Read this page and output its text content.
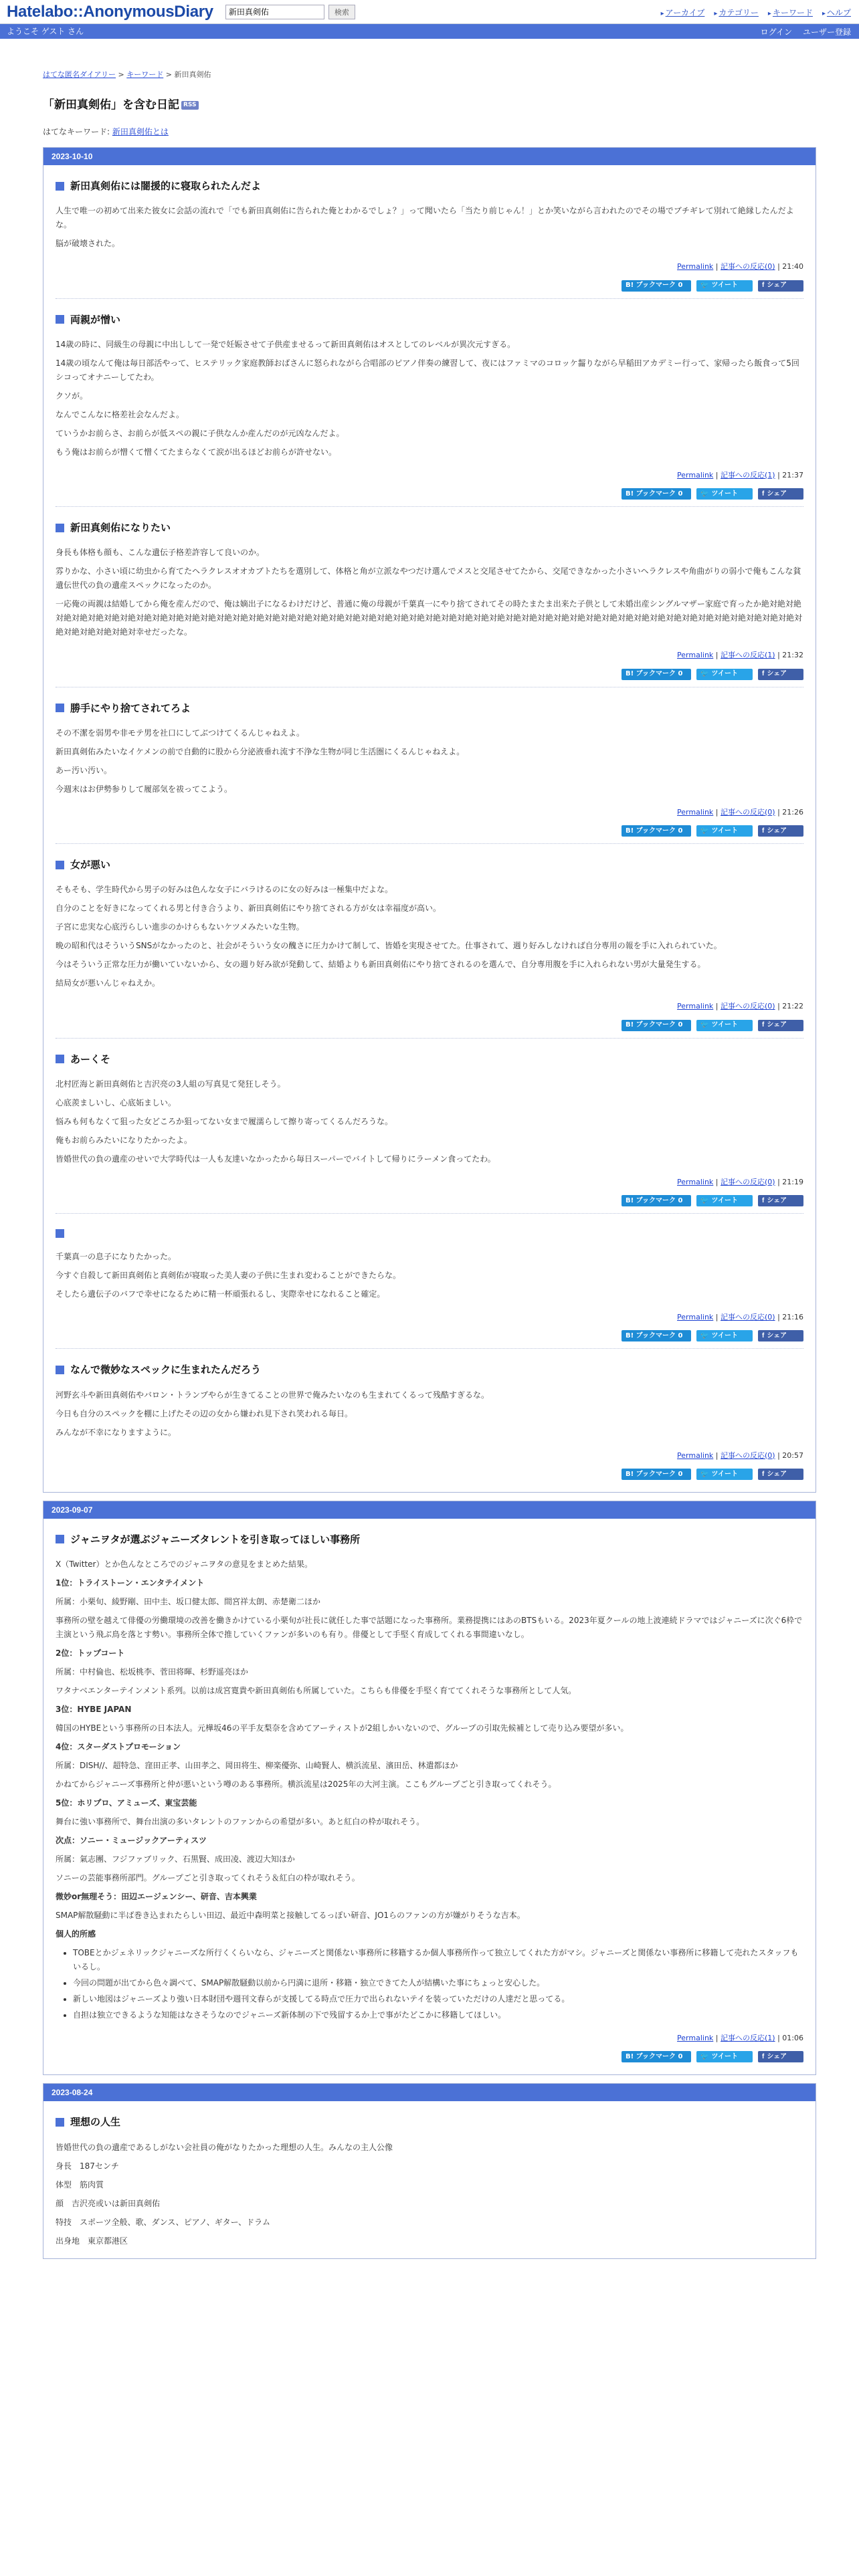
Hatelabo::AnonymousDiary
新田真剣佑	検索	▸ アーカイブ ▸ カテゴリー ▸ キーワード ▸ ヘルプ
ようこそ ゲスト さん	ログイン ユーザー登録
はてな匿名ダイアリー > キーワード > 新田真剣佑
「新田真剣佑」を含む日記 RSS
はてなキーワード: 新田真剣佑とは
2023-10-10
新田真剣佑には闇援的に寝取られたんだよ

人生で唯一の初めて出来た彼女に会話の流れで「でも新田真剣佑に告られた俺とわかるでしょ？」って聞いたら「当たり前じゃん！」とか笑いながら言われたのでその場でブチギレて別れて絶縁したんだよな。

脳が破壊された。

Permalink | 記事への反応(0) | 21:40
B! ブックマーク 0	🐦 ツイート	f シェア
両親が憎い

14歳の時に、同級生の母親に中出しして一発で妊娠させて子供産ませるって新田真剣佑はオスとしてのレベルが異次元すぎる。

14歳の頃なんて俺は毎日部活やって、ヒステリック家庭教師おばさんに怒られながら合唱部のピアノ伴奏の練習して、夜にはファミマのコロッケ齧りながら早稲田アカデミー行って、家帰ったら飯食って5回シコってオナニーしてたわ。

クソが。

なんでこんなに格差社会なんだよ。

ていうかお前らさ、お前らが低スペの親に子供なんか産んだのが元凶なんだよ。

もう俺はお前らが憎くて憎くてたまらなくて涙が出るほどお前らが許せない。

Permalink | 記事への反応(1) | 21:37
B! ブックマーク 0	🐦 ツイート	f シェア
新田真剣佑になりたい

身長も体格も顔も、こんな遺伝子格差許容して良いのか。

雰りかな、小さい頃に幼虫から育てたヘラクレスオオカブトたちを選別して、体格と角が立派なやつだけ選んでメスと交尾させてたから、交尾できなかった小さいヘラクレスや角曲がりの弱小で俺もこんな貧遺伝世代の負の遺産スペックになったのか。

一応俺の両親は結婚してから俺を産んだので、俺は嫡出子になるわけだけど、普通に俺の母親が千葉真一にやり捨てされてその時たまたま出来た子供として未婚出産シングルマザー家庭で育ったか絶対絶対絶対絶対絶対絶対絶対絶対絶対絶対絶対絶対絶対絶対絶対絶対絶対絶対絶対絶対絶対絶対絶対絶対絶対絶対絶対絶対絶対絶対絶対絶対絶対絶対絶対絶対絶対絶対絶対絶対絶対絶対絶対絶対絶対絶対絶対絶対絶対絶対絶対絶対絶対絶対幸せだったな。

Permalink | 記事への反応(1) | 21:32
B! ブックマーク 0	🐦 ツイート	f シェア
勝手にやり捨てされてろよ

その不潔を弱男や非モテ男を社口にしてぶつけてくるんじゃねえよ。

新田真剣佑みたいなイケメンの前で自動的に股から分泌液垂れ流す不浄な生物が同じ生活圏にくるんじゃねえよ。

あー汚い汚い。

今週末はお伊勢参りして履部気を祓ってこよう。

Permalink | 記事への反応(0) | 21:26
B! ブックマーク 0	🐦 ツイート	f シェア
女が悪い

そもそも、学生時代から男子の好みは色んな女子にバラけるのに女の好みは一極集中だよな。

自分のことを好きになってくれる男と付き合うより、新田真剣佑にやり捨てされる方が女は幸福度が高い。

子宮に忠実な心底汚らしい進歩のかけらもないケツメみたいな生物。

晩の昭和代はそういうSNSがなかったのと、社会がそういう女の醜さに圧力かけて制して、皆婚を実現させてた。仕事されて、週り好みしなければ自分専用の報を手に入れられていた。

今はそういう正常な圧力が働いていないから、女の週り好み欲が発動して、結婚よりも新田真剣佑にやり捨てされるのを選んで、自分専用腹を手に入れられない男が大量発生する。

結局女が悪いんじゃねえか。

Permalink | 記事への反応(0) | 21:22
B! ブックマーク 0	🐦 ツイート	f シェア
あーくそ

北村匠海と新田真剣佑と吉沢亮の3人組の写真見て発狂しそう。

心底羨ましいし、心底妬ましい。

悩みも何もなくて狙った女どころか狙ってない女まで履濡らして擦り寄ってくるんだろうな。

俺もお前らみたいになりたかったよ。

皆婚世代の負の遺産のせいで大学時代は一人も友達いなかったから毎日スーパーでバイトして帰りにラーメン食ってたわ。

Permalink | 記事への反応(0) | 21:19
B! ブックマーク 0	🐦 ツイート	f シェア

千葉真一の息子になりたかった。

今すぐ自殺して新田真剣佑と真剣佑が寝取った美人妻の子供に生まれ変わることができたらな。

そしたら遺伝子のバフで幸せになるために精一杯頑張れるし、実際幸せになれること確定。

Permalink | 記事への反応(0) | 21:16
B! ブックマーク 0	🐦 ツイート	f シェア
なんで微妙なスペックに生まれたんだろう

河野玄斗や新田真剣佑やバロン・トランプやらが生きてることの世界で俺みたいなのも生まれてくるって残酷すぎるな。

今日も自分のスペックを棚に上げたその辺の女から嫌われ見下され笑われる毎日。

みんなが不幸になりますように。

Permalink | 記事への反応(0) | 20:57
B! ブックマーク 0	🐦 ツイート	f シェア
2023-09-07
ジャニヲタが選ぶジャニーズタレントを引き取ってほしい事務所

X（Twitter）とか色んなところでのジャニヲタの意見をまとめた結果。

1位：トライストーン・エンタテイメント

所属：小栗旬、綾野剛、田中圭、坂口健太郎、間宮祥太朗、赤楚衛二ほか

事務所の壁を越えて俳優の労働環境の改善を働きかけている小栗旬が社長に就任した事で話題になった事務所。業務提携にはあのBTSもいる。2023年夏クールの地上波連続ドラマではジャニーズに次ぐ6枠で主演という飛ぶ鳥を落とす勢い。事務所全体で推していくファンが多いのも有り。俳優として手堅く育成してくれる事間違いなし。

2位：トップコート

所属：中村倫也、松坂桃李、菅田将暉、杉野遥亮ほか

ワタナベエンターテインメント系列。以前は成宮寛貴や新田真剣佑も所属していた。こちらも俳優を手堅く育ててくれそうな事務所として人気。

3位：HYBE JAPAN

韓国のHYBEという事務所の日本法人。元樺坂46の平手友梨奈を含めてアーティストが2組しかいないので、グループの引取先候補として売り込み要望が多い。

4位：スターダストプロモーション

所属：DISH//、超特急、窪田正孝、山田孝之、岡田将生、柳楽優弥、山崎賢人、横浜流星、濱田岳、林遣都ほか

かねてからジャニーズ事務所と仲が悪いという噂のある事務所。横浜流星は2025年の大河主演。ここもグループごと引き取ってくれそう。

5位：ホリプロ、アミューズ、東宝芸能

舞台に強い事務所で、舞台出演の多いタレントのファンからの希望が多い。あと紅白の枠が取れそう。

次点：ソニー・ミュージックアーティスツ

所属：氣志團、フジファブリック、石黒賢、成田凌、渡辺大知ほか

ソニーの芸能事務所部門。グループごと引き取ってくれそう＆紅白の枠が取れそう。

微妙or無理そう：田辺エージェンシー、研音、吉本興業

SMAP解散騒動に半ば巻き込まれたらしい田辺、最近中森明菜と接触してるっぽい研音、JO1らのファンの方が嫌がりそうな吉本。

個人的所感

• TOBEとかジェネリックジャニーズな所行くくらいなら、ジャニーズと関係ない事務所に移籍するか個人事務所作って独立してくれた方がマシ。ジャニーズと関係ない事務所に移籍して売れたスタッフもいるし。
• 今回の問題が出てから色々調べて、SMAP解散騒動以前から円満に退所・移籍・独立できてた人が結構いた事にちょっと安心した。
• 新しい地図はジャニーズより強い日本財団や週刊文春らが支援してる時点で圧力で出られないテイを装っていただけの人達だと思ってる。
• 自担は独立できるような知能はなさそうなのでジャニーズ新体制の下で残留するか上で事がたどこかに移籍してほしい。
Permalink | 記事への反応(1) | 01:06
B! ブックマーク 0	🐦 ツイート	f シェア
2023-08-24
理想の人生

皆婚世代の負の遺産であるしがない会社員の俺がなりたかった理想の人生。みんなの主人公像

身長　187センチ

体型　筋肉質

顔　吉沢亮或いは新田真剣佑

特技　スポーツ全般、歌、ダンス、ピアノ、ギター、ドラム

出身地　東京都港区
